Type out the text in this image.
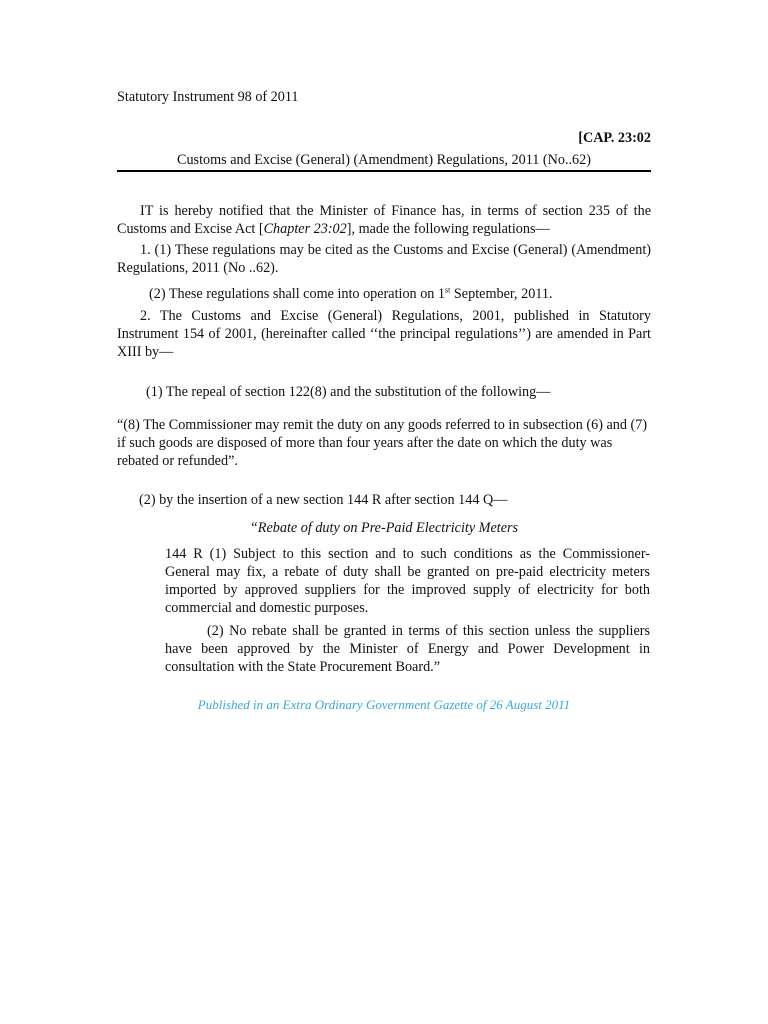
Statutory Instrument 98 of 2011
[CAP. 23:02
Customs and Excise (General) (Amendment) Regulations, 2011 (No..62)

IT is hereby notified that the Minister of Finance has, in terms of section 235 of the Customs and Excise Act [Chapter 23:02], made the following regulations—

1. (1) These regulations may be cited as the Customs and Excise (General) (Amendment) Regulations, 2011 (No ..62).

(2) These regulations shall come into operation on 1st September, 2011.

2. The Customs and Excise (General) Regulations, 2001, published in Statutory Instrument 154 of 2001, (hereinafter called ‘‘the principal regulations’’) are amended in Part XIII by—

(1) The repeal of section 122(8) and the substitution of the following—

“(8) The Commissioner may remit the duty on any goods referred to in subsection (6) and (7) if such goods are disposed of more than four years after the date on which the duty was rebated or refunded”.

(2) by the insertion of a new section 144 R after section 144 Q—

“Rebate of duty on Pre-Paid Electricity Meters

144 R (1) Subject to this section and to such conditions as the Commissioner-General may fix, a rebate of duty shall be granted on pre-paid electricity meters imported by approved suppliers for the improved supply of electricity for both commercial and domestic purposes.

(2) No rebate shall be granted in terms of this section unless the suppliers have been approved by the Minister of Energy and Power Development in consultation with the State Procurement Board.”

Published in an Extra Ordinary Government Gazette of 26 August 2011
